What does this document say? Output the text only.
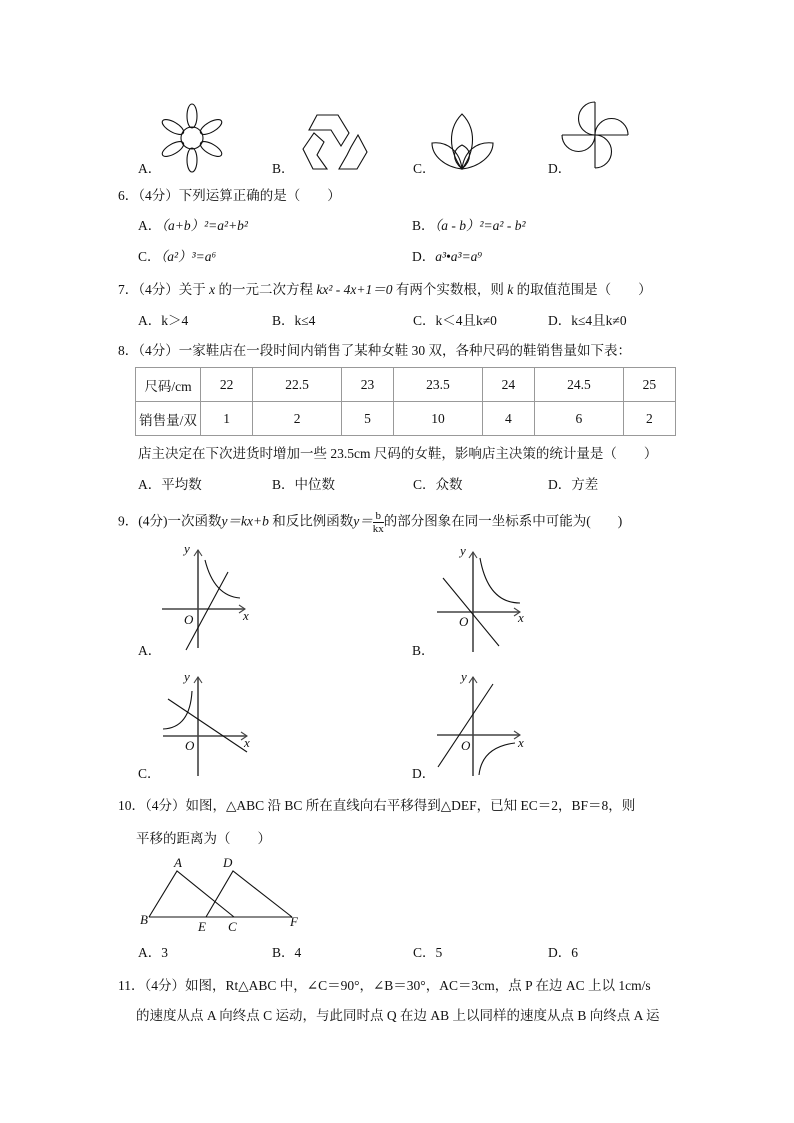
A．	B．	C．	D．
6．（4分）下列运算正确的是（　　）
A．（a+b）²=a²+b²	B．（a - b）²=a² - b²
C．（a²）³=a⁶	D．a³•a³=a⁹
7．（4分）关于 x 的一元二次方程 kx² - 4x+1＝0 有两个实数根，则 k 的取值范围是（　　）
A．k＞4	B．k≤4	C．k＜4且k≠0	D．k≤4且k≠0
8．（4分）一家鞋店在一段时间内销售了某种女鞋 30 双，各种尺码的鞋销售量如下表：
尺码/cm	22	22.5	23	23.5	24	24.5	25
销售量/双	1	2	5	10	4	6	2
店主决定在下次进货时增加一些 23.5cm 尺码的女鞋，影响店主决策的统计量是（　　）
A．平均数	B．中位数	C．众数	D．方差
9．(4分)一次函数y＝kx+b 和反比例函数$y= \frac{b}{kx}$ 的部分图象在同一坐标系中可能为(　　)
y
O	x
A．
y
O	x
B．
y
O	x
C．
y
O	x
D．
10．（4分）如图，△ABC 沿 BC 所在直线向右平移得到△DEF，已知 EC＝2，BF＝8，则
平移的距离为（　　）
A
B	C
D
E	F
A．3	B．4	C．5	D．6
11．（4分）如图，Rt△ABC 中，∠C＝90°，∠B＝30°，AC＝3cm，点 P 在边 AC 上以 1cm/s
的速度从点 A 向终点 C 运动，与此同时点 Q 在边 AB 上以同样的速度从点 B 向终点 A 运
